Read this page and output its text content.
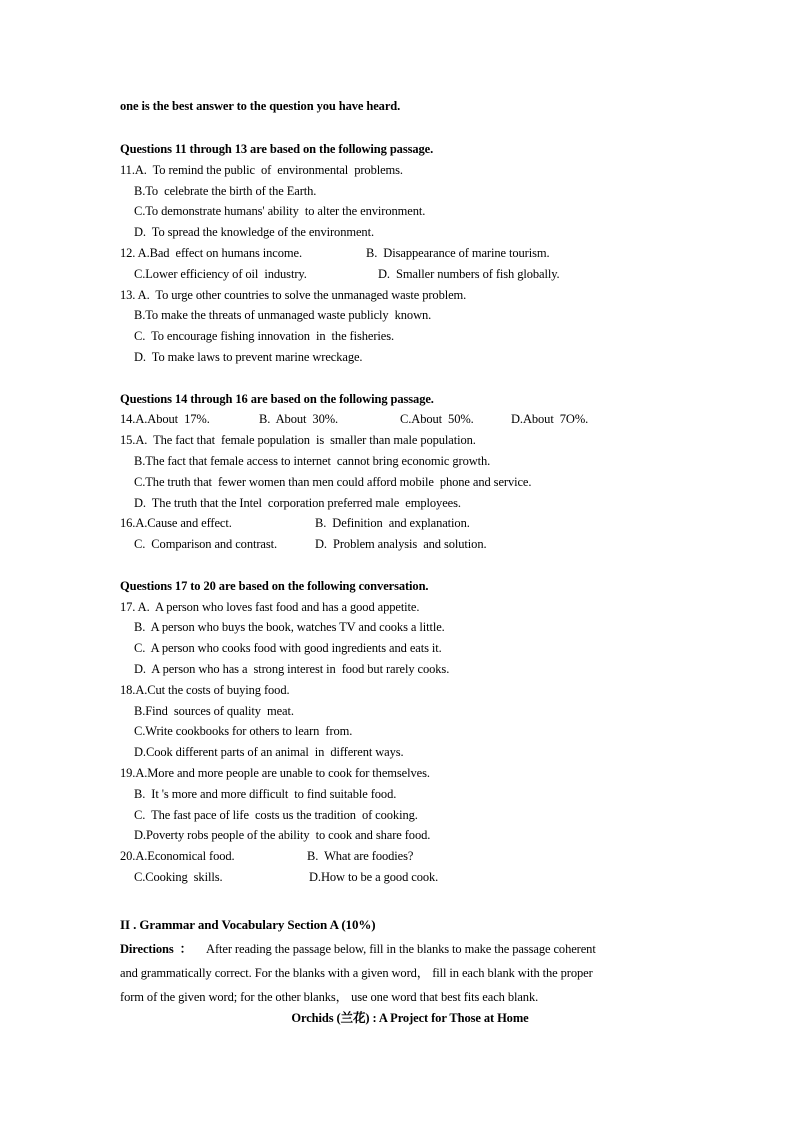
one is the best answer to the question you have heard.
Questions 11 through 13 are based on the following passage.
11.A.  To remind the public  of  environmental  problems.
B.To  celebrate the birth of the Earth.
C.To demonstrate humans' ability  to alter the environment.
D.  To spread the knowledge of the environment.
12. A.Bad  effect on humans income.	B.  Disappearance of marine tourism.
C.Lower efficiency of oil  industry.	D.  Smaller numbers of fish globally.
13. A.  To urge other countries to solve the unmanaged waste problem.
B.To make the threats of unmanaged waste publicly  known.
C.  To encourage fishing innovation  in  the fisheries.
D.  To make laws to prevent marine wreckage.
Questions 14 through 16 are based on the following passage.
14.A.About  17%.	B.  About  30%.	C.About  50%.	D.About  7O%.
15.A.  The fact that  female population  is  smaller than male population.
B.The fact that female access to internet  cannot bring economic growth.
C.The truth that  fewer women than men could afford mobile  phone and service.
D.  The truth that the Intel  corporation preferred male  employees.
16.A.Cause and effect.	B.  Definition  and explanation.
C.  Comparison and contrast.	D.  Problem analysis  and solution.
Questions 17 to 20 are based on the following conversation.
17. A.  A person who loves fast food and has a good appetite.
B.  A person who buys the book, watches TV and cooks a little.
C.  A person who cooks food with good ingredients and eats it.
D.  A person who has a  strong interest in  food but rarely cooks.
18.A.Cut the costs of buying food.
B.Find  sources of quality  meat.
C.Write cookbooks for others to learn  from.
D.Cook different parts of an animal  in  different ways.
19.A.More and more people are unable to cook for themselves.
B.  It 's more and more difficult  to find suitable food.
C.  The fast pace of life  costs us the tradition  of cooking.
D.Poverty robs people of the ability  to cook and share food.
20.A.Economical food.	B.  What are foodies?
C.Cooking  skills.	D.How to be a good cook.
II . Grammar and Vocabulary Section A (10%)
Directions ： After reading the passage below, fill in the blanks to make the passage coherent
and grammatically correct. For the blanks with a given word， fill in each blank with the proper
form of the given word; for the other blanks， use one word that best fits each blank.
Orchids (兰花) : A Project for Those at Home
